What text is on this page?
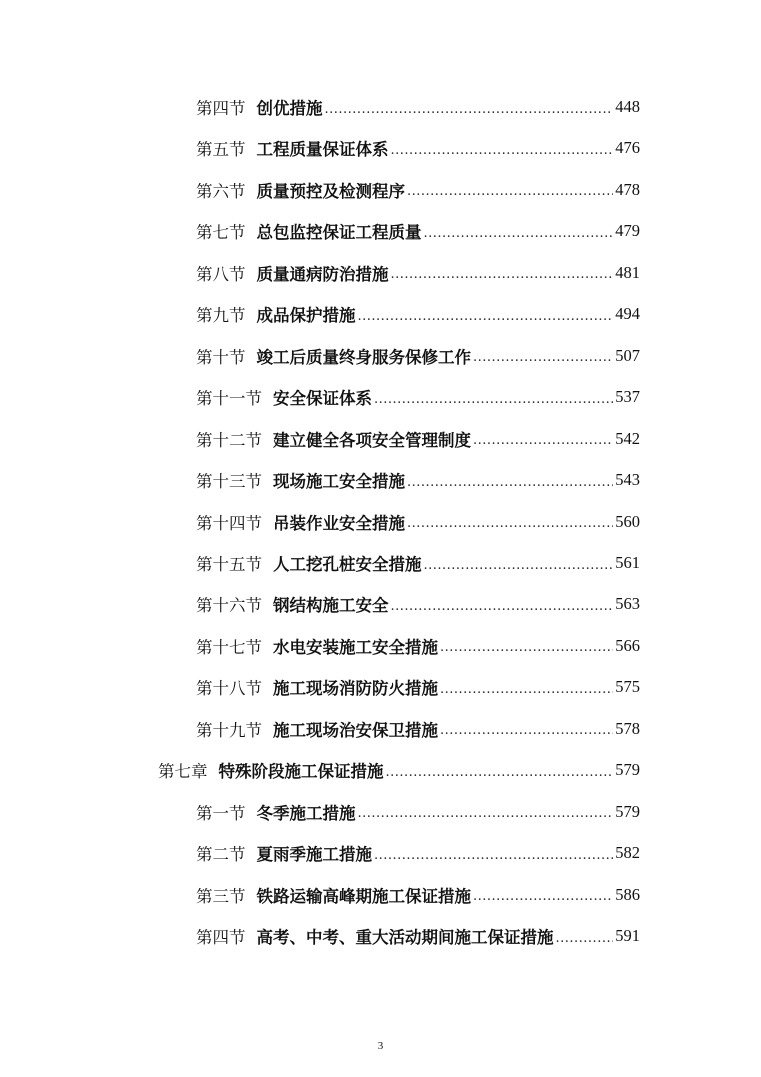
第四节 创优措施 .....	448
第五节 工程质量保证体系 .....	476
第六节 质量预控及检测程序 .....	478
第七节 总包监控保证工程质量 .....	479
第八节 质量通病防治措施 .....	481
第九节 成品保护措施 .....	494
第十节 竣工后质量终身服务保修工作 .....	507
第十一节 安全保证体系 .....	537
第十二节 建立健全各项安全管理制度 .....	542
第十三节 现场施工安全措施 .....	543
第十四节 吊装作业安全措施 .....	560
第十五节 人工挖孔桩安全措施 .....	561
第十六节 钢结构施工安全 .....	563
第十七节 水电安装施工安全措施 .....	566
第十八节 施工现场消防防火措施 .....	575
第十九节 施工现场治安保卫措施 .....	578
第七章 特殊阶段施工保证措施 .....	579
第一节 冬季施工措施 .....	579
第二节 夏雨季施工措施 .....	582
第三节 铁路运输高峰期施工保证措施 .....	586
第四节 高考、中考、重大活动期间施工保证措施 .....	591
3
